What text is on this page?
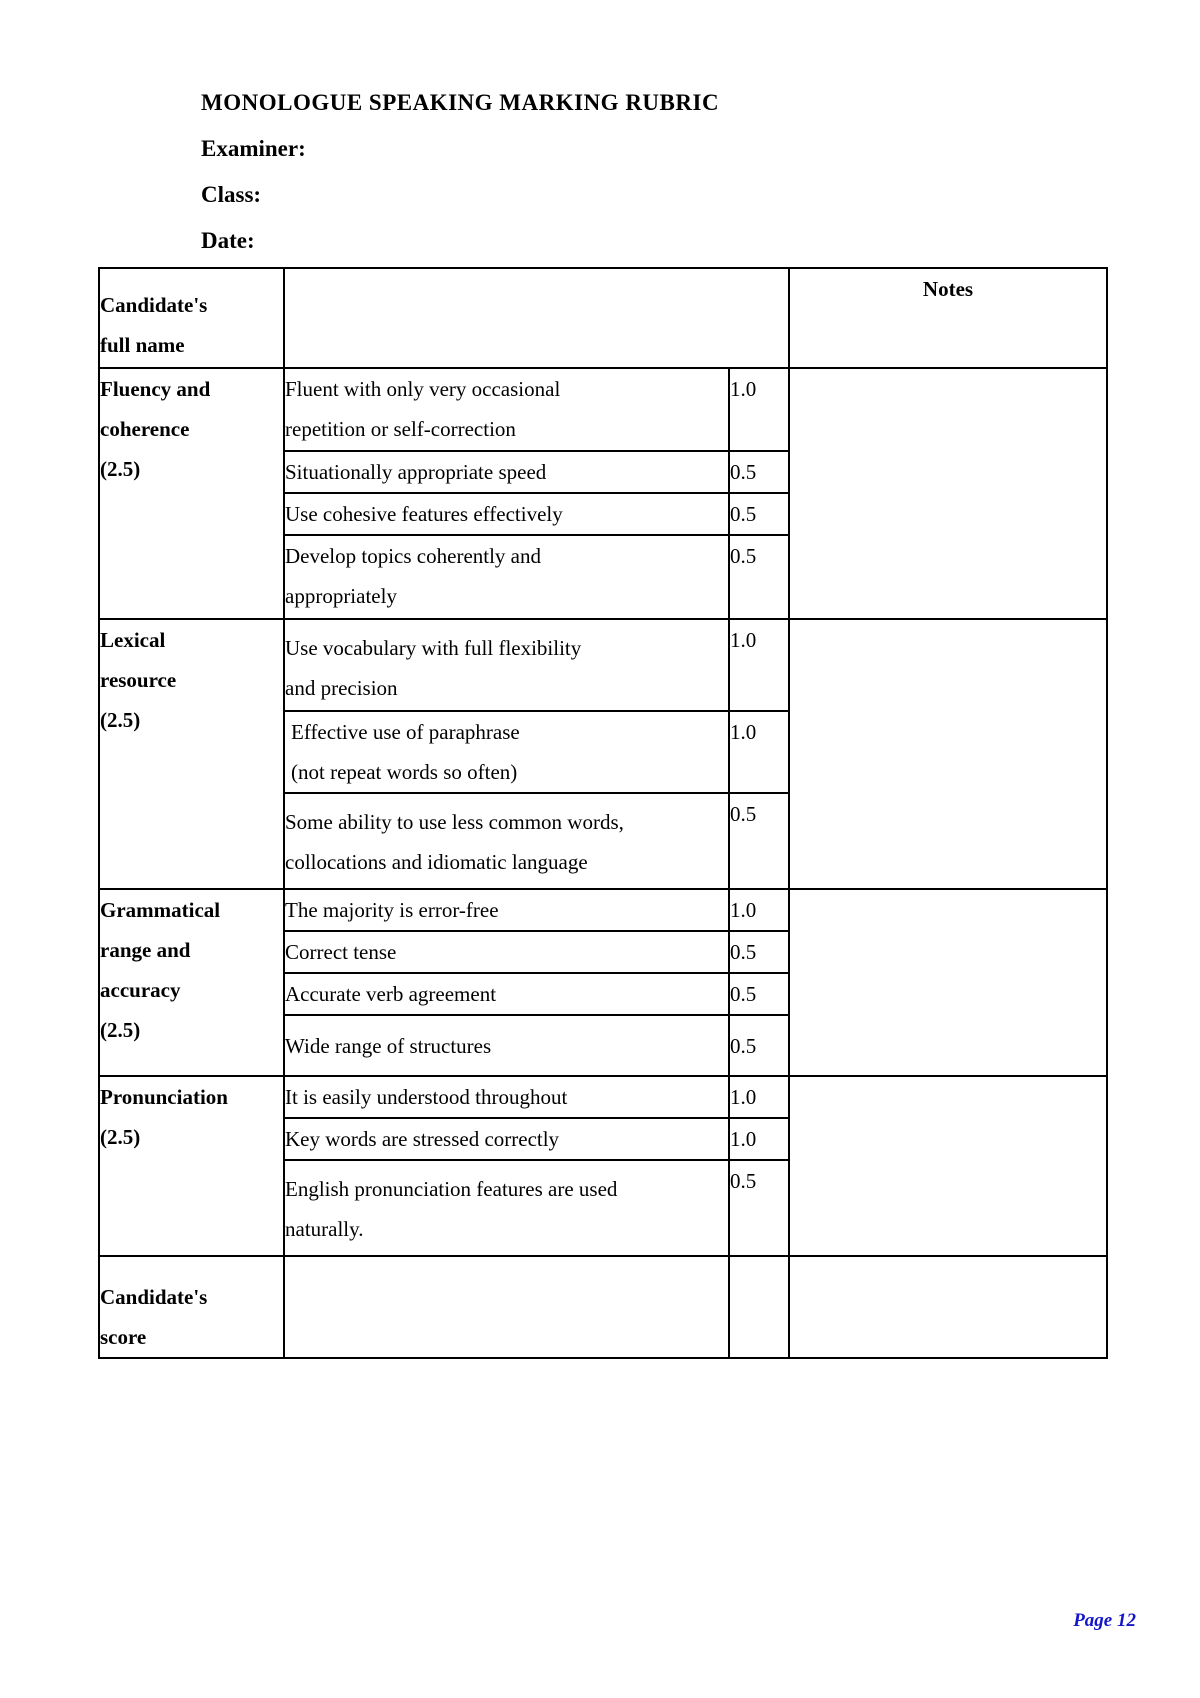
MONOLOGUE SPEAKING MARKING RUBRIC
Examiner:
Class:
Date:
Candidate's
full name			Notes

Fluency and
coherence
(2.5)	Fluent with only very occasional
repetition or self-correction	1.0	

	Situationally appropriate speed	0.5	

	Use cohesive features effectively	0.5	

	Develop topics coherently and
appropriately	0.5	

Lexical
resource
(2.5)	Use vocabulary with full flexibility
and precision	1.0	

	Effective use of paraphrase
(not repeat words so often)	1.0	

	Some ability to use less common words,
collocations and idiomatic language	0.5	

Grammatical
range and
accuracy
(2.5)	The majority is error-free	1.0	

	Correct tense	0.5	

	Accurate verb agreement	0.5	

	Wide range of structures	0.5	

Pronunciation
(2.5)	It is easily understood throughout	1.0	

	Key words are stressed correctly	1.0	

	English pronunciation features are used
naturally.	0.5	

Candidate's
score			

Page 12
